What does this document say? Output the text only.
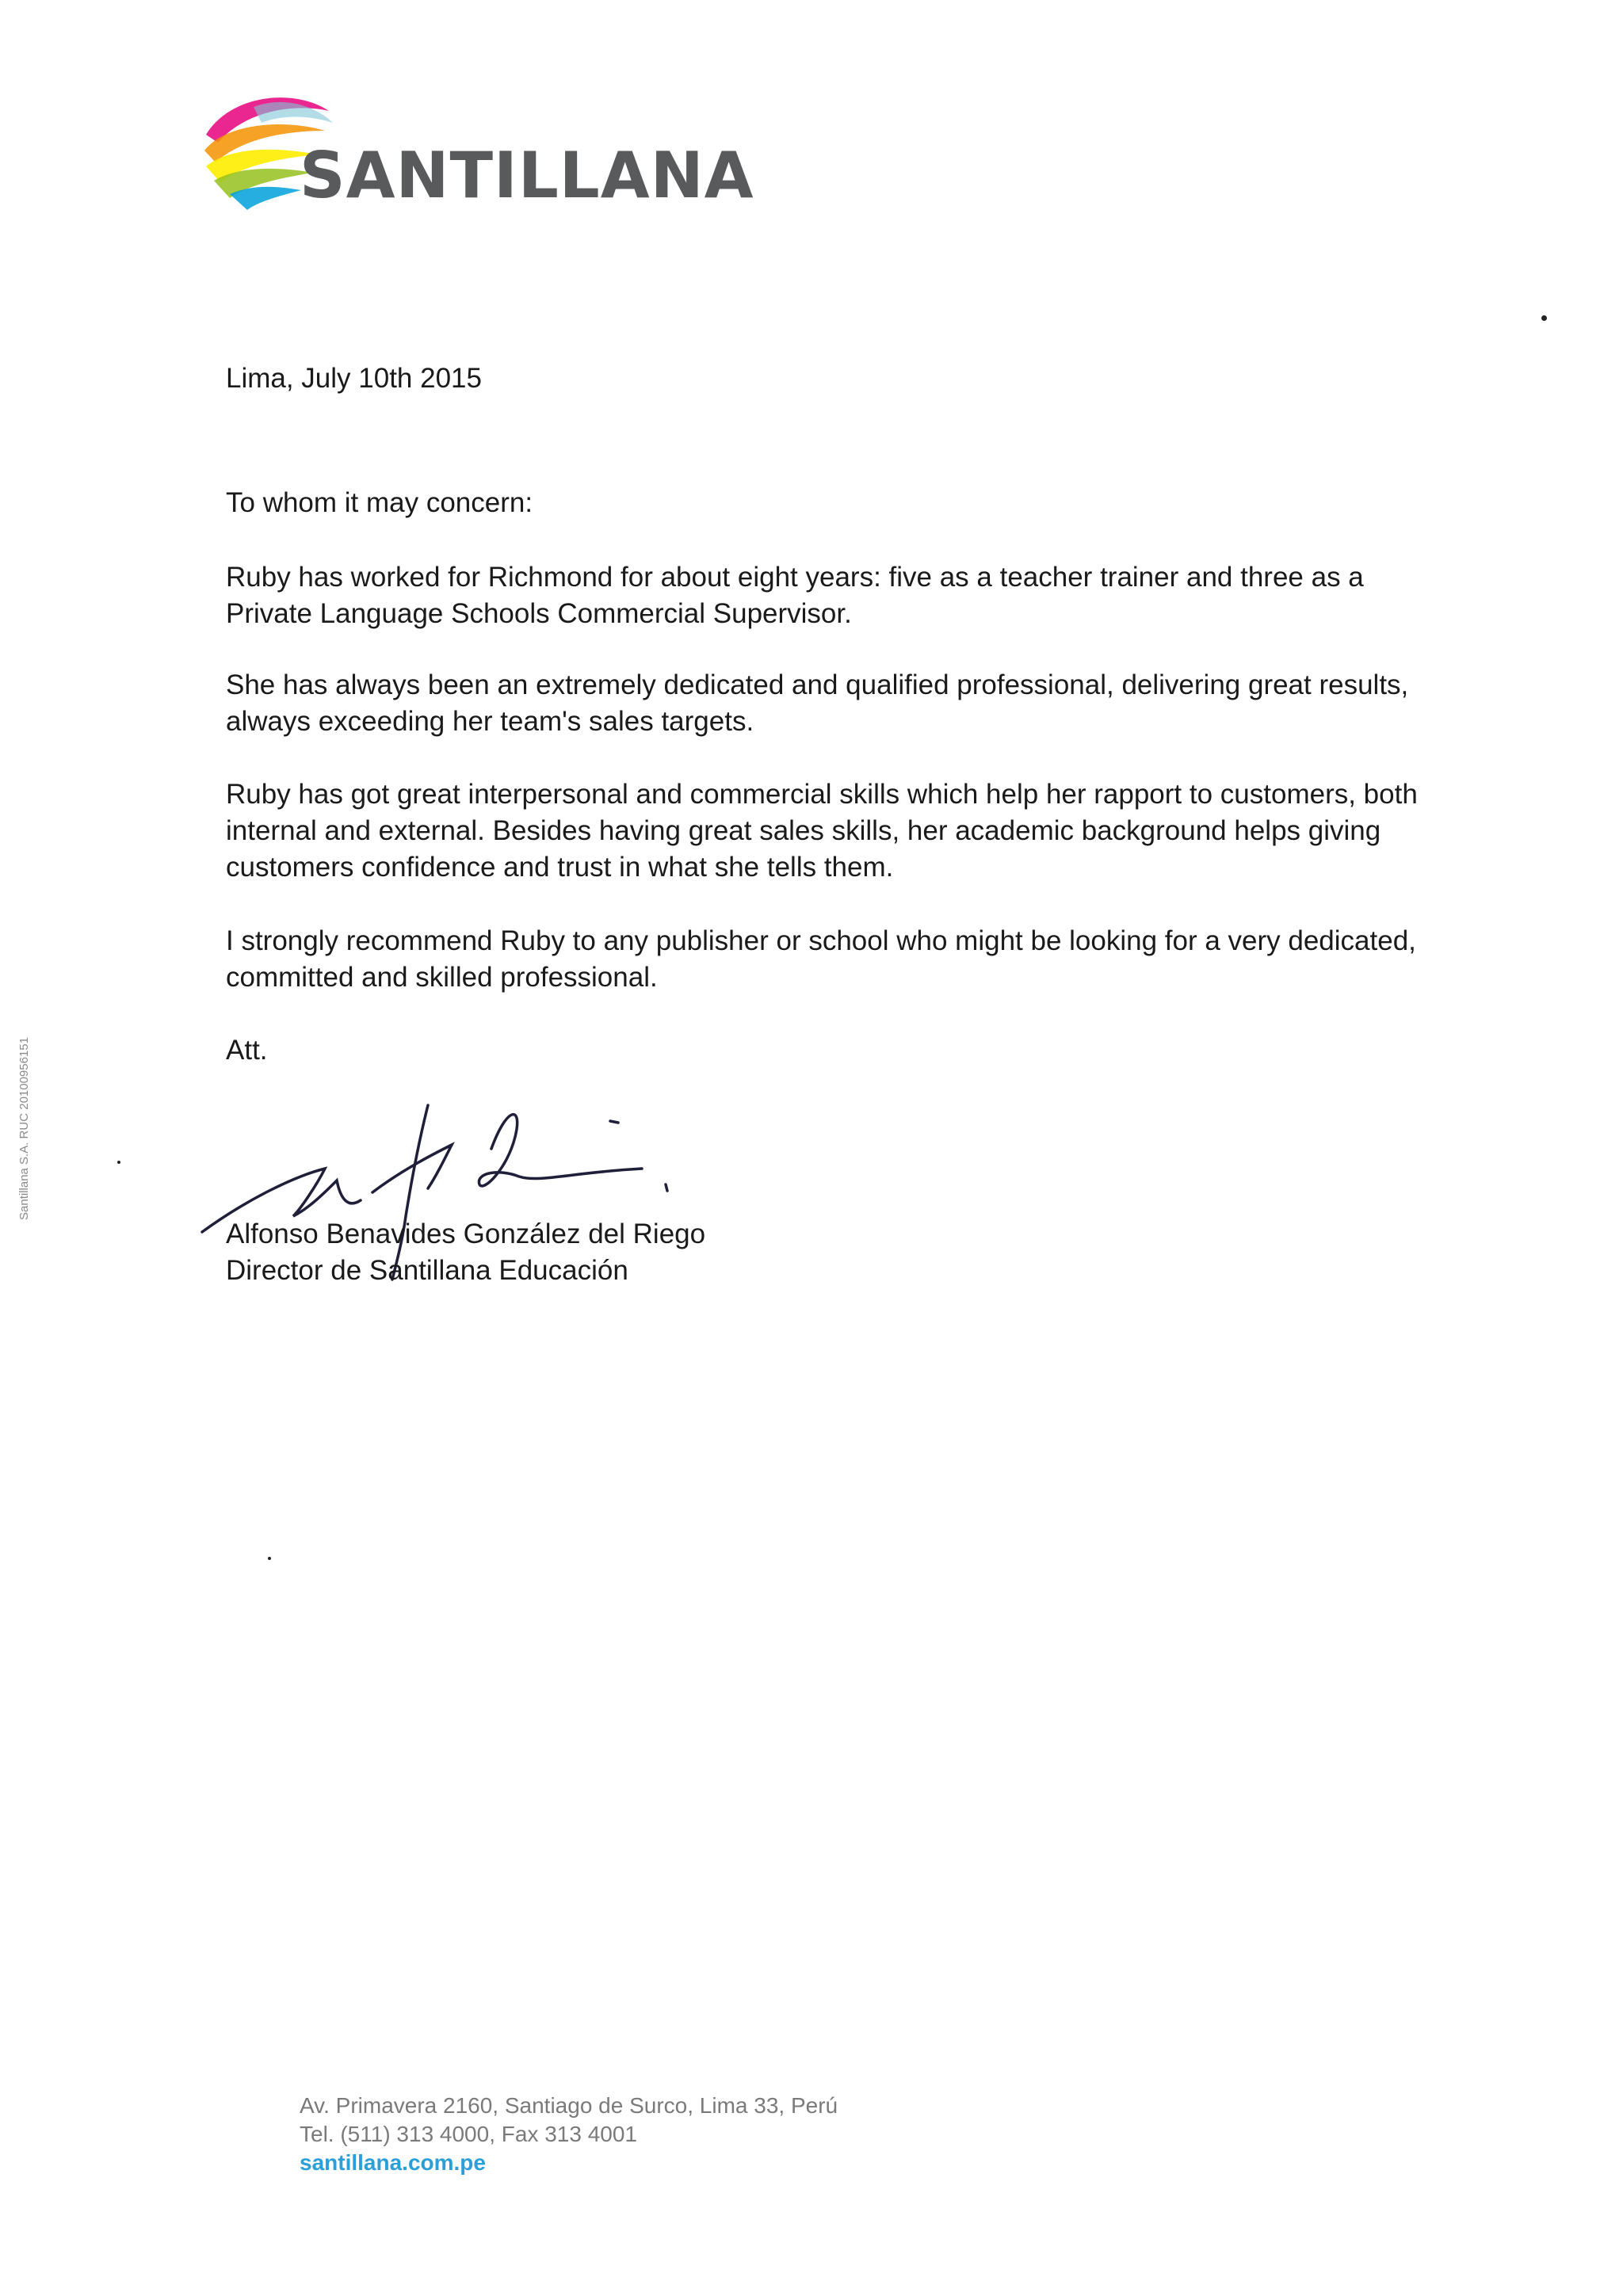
SANTILLANA
Lima, July 10th 2015
To whom it may concern:
Ruby has worked for Richmond for about eight years: five as a teacher trainer and three as a Private Language Schools Commercial Supervisor.
She has always been an extremely dedicated and qualified professional, delivering great results, always exceeding her team's sales targets.
Ruby has got great interpersonal and commercial skills which help her rapport to customers, both internal and external. Besides having great sales skills, her academic background helps giving customers confidence and trust in what she tells them.
I strongly recommend Ruby to any publisher or school who might be looking for a very dedicated, committed and skilled professional.
Att.
Alfonso Benavides González del Riego
Director de Santillana Educación
Santillana S.A. RUC 20100956151
Av. Primavera 2160, Santiago de Surco, Lima 33, Perú
Tel. (511) 313 4000, Fax 313 4001
santillana.com.pe
